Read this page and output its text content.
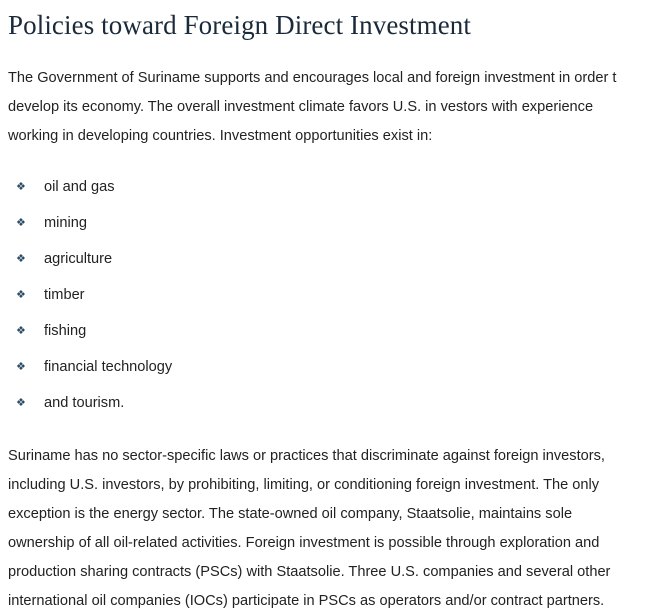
Policies toward Foreign Direct Investment

The Government of Suriname supports and encourages local and foreign investment in order t

develop its economy. The overall investment climate favors U.S. in vestors with experience

working in developing countries. Investment opportunities exist in:

❖ oil and gas
❖ mining
❖ agriculture
❖ timber
❖ fishing
❖ financial technology
❖ and tourism.

Suriname has no sector-specific laws or practices that discriminate against foreign investors,

including U.S. investors, by prohibiting, limiting, or conditioning foreign investment. The only

exception is the energy sector. The state-owned oil company, Staatsolie, maintains sole

ownership of all oil-related activities. Foreign investment is possible through exploration and

production sharing contracts (PSCs) with Staatsolie. Three U.S. companies and several other

international oil companies (IOCs) participate in PSCs as operators and/or contract partners.
